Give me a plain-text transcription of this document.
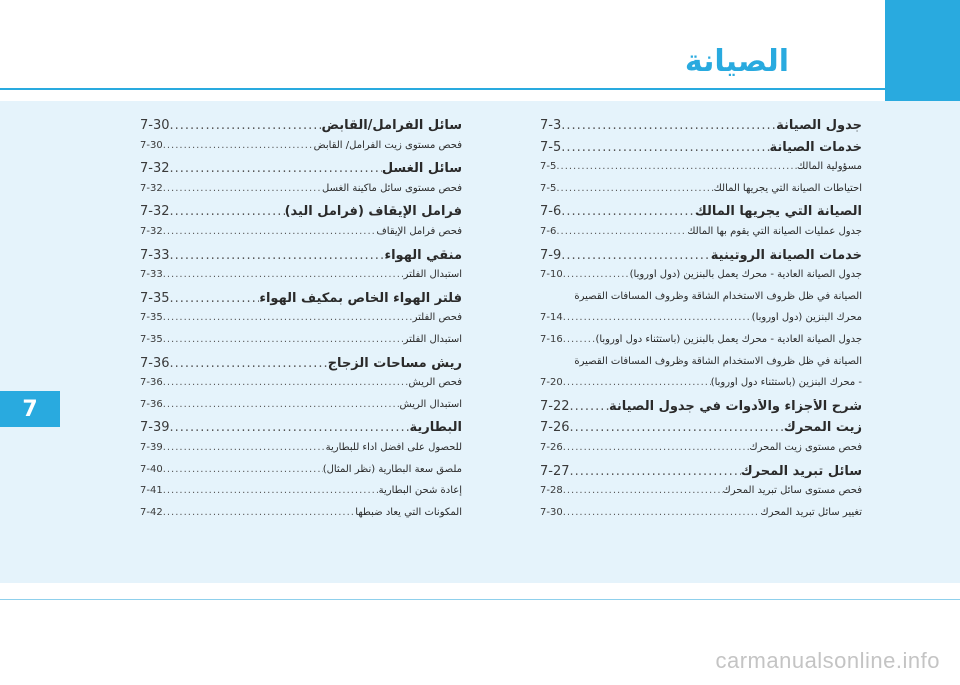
الصيانة
7
7-3 .....	جدول الصيانة
7-5 .....	خدمات الصيانة
7-5 .....	مسؤولية المالك
7-5 .....	احتياطات الصيانة التي يجريها المالك
7-6 .....	الصيانة التي يجريها المالك
7-6 .....	جدول عمليات الصيانة التي يقوم بها المالك
7-9 .....	خدمات الصيانة الروتينية
7-10 .....	جدول الصيانة العادية - محرك يعمل بالبنزين (دول أوروبا)
الصيانة في ظل ظروف الاستخدام الشاقة وظروف المسافات القصيرة
7-14 .....	محرك البنزين (دول أوروبا)
7-16 .....	جدول الصيانة العادية - محرك يعمل بالبنزين (باستثناء دول أوروبا)
الصيانة في ظل ظروف الاستخدام الشاقة وظروف المسافات القصيرة
7-20 .....	- محرك البنزين (باستثناء دول أوروبا)
7-22 .....	شرح الأجزاء والأدوات في جدول الصيانة
7-26 .....	زيت المحرك
7-26 .....	فحص مستوى زيت المحرك
7-27 .....	سائل تبريد المحرك
7-28 .....	فحص مستوى سائل تبريد المحرك
7-30 .....	تغيير سائل تبريد المحرك
7-30 .....	سائل الفرامل/القابض
7-30 .....	فحص مستوى زيت الفرامل/ القابض
7-32 .....	سائل الغسل
7-32 .....	فحص مستوى سائل ماكينة الغسل
7-32 .....	فرامل الإيقاف (فرامل اليد)
7-32 .....	فحص فرامل الإيقاف
7-33 .....	منقي الهواء
7-33 .....	استبدال الفلتر
7-35 .....	فلتر الهواء الخاص بمكيف الهواء
7-35 .....	فحص الفلتر
7-35 .....	استبدال الفلتر
7-36 .....	ريش مساحات الزجاج
7-36 .....	فحص الريش
7-36 .....	استبدال الريش
7-39 .....	البطارية
7-39 .....	للحصول على أفضل أداء للبطارية
7-40 .....	ملصق سعة البطارية (نظر المثال)
7-41 .....	إعادة شحن البطارية
7-42 .....	المكونات التي يعاد ضبطها
carmanualsonline.info
